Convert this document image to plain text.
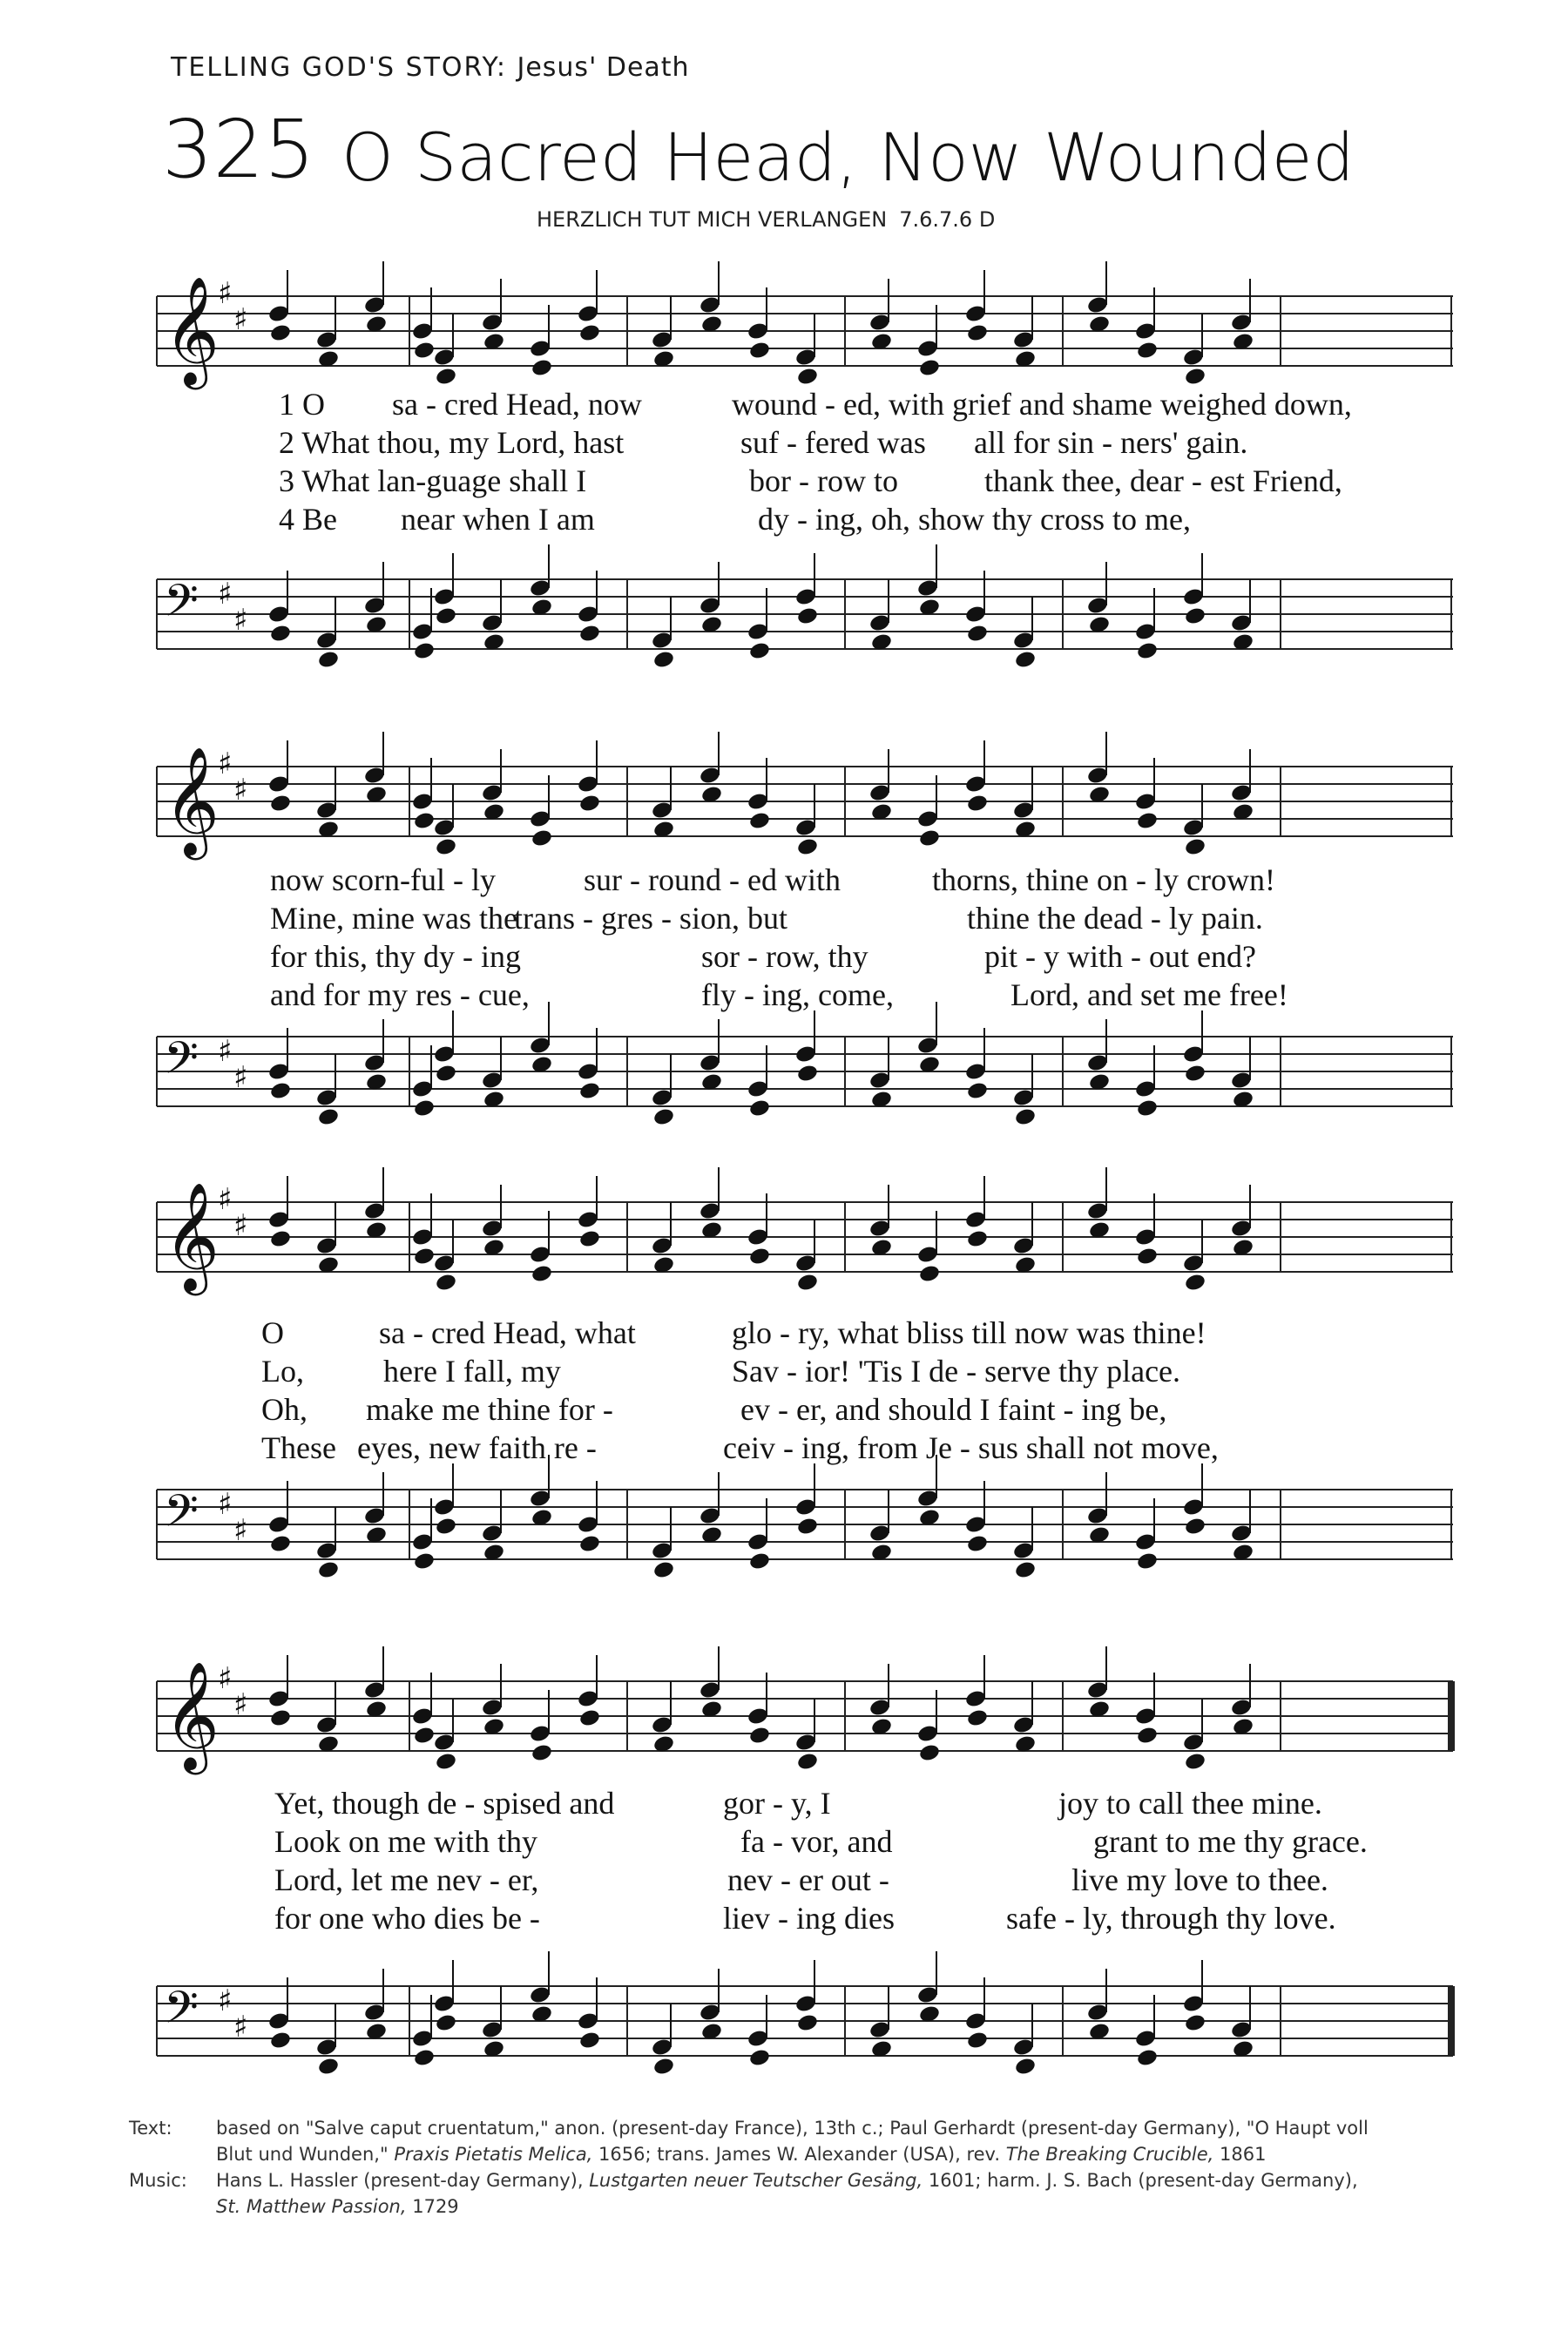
TELLING GOD'S STORY: Jesus' Death
325 O Sacred Head, Now Wounded
HERZLICH TUT MICH VERLANGEN 7.6.7.6 D
𝄞
♯
♯
1 O sa - cred Head, now	wound - ed, with grief and shame weighed down,
2 What thou, my Lord, hast	suf - fered was all for sin - ners' gain.
3 What lan-guage shall I	bor - row to	thank thee, dear - est Friend,
4 Be near when I am	dy - ing, oh, show thy cross to me,
𝄢 ♯
♯
𝄞
♯
♯
now scorn-ful - ly	sur - round - ed with	thorns, thine on - ly crown!
Mine, mine was the
trans - gres - sion, but	thine the dead - ly pain.
for this, thy dy - ing	sor - row, thy	pit - y with - out end?
and for my res - cue,	fly - ing, come,	Lord, and set me free!
𝄢 ♯
♯
𝄞
♯
♯
O	sa - cred Head, what	glo - ry, what bliss till now was thine!
Lo,	here I fall, my	Sav - ior! 'Tis I de - serve thy place.
Oh, make me thine for -	ev - er, and should I faint - ing be,
These eyes, new faith re -	ceiv - ing, from Je - sus shall not move,
𝄢 ♯
♯
𝄞
♯
♯
Yet, though de - spised and	gor - y, I	joy to call thee mine.
Look on me with thy	fa - vor, and	grant to me thy grace.
Lord, let me nev - er,	nev - er out -	live my love to thee.
for one who dies be -	liev - ing dies	safe - ly, through thy love.
𝄢 ♯
♯
Text: based on "Salve caput cruentatum," anon. (present-day France), 13th c.; Paul Gerhardt (present-day Germany), "O Haupt voll
Blut und Wunden," Praxis Pietatis Melica, 1656; trans. James W. Alexander (USA), rev. The Breaking Crucible, 1861
Music: Hans L. Hassler (present-day Germany), Lustgarten neuer Teutscher Gesäng, 1601; harm. J. S. Bach (present-day Germany),
St. Matthew Passion, 1729
